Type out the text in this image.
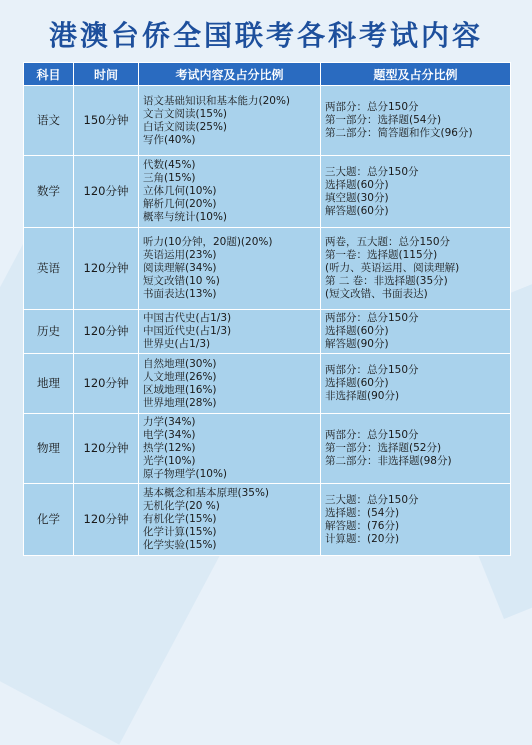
港澳台侨全国联考各科考试内容
科目	时间	考试内容及占分比例	题型及占分比例
语文	150分钟	语文基础知识和基本能力(20%)
文言文阅读(15%)
白话文阅读(25%)
写作(40%)	两部分：总分150分
第一部分：选择题(54分)
第二部分：简答题和作文(96分)

数学	120分钟	代数(45%)
三角(15%)
立体几何(10%)
解析几何(20%)
概率与统计(10%)	三大题：总分150分
选择题(60分)
填空题(30分)
解答题(60分)

英语	120分钟	听力(10分钟，20题)(20%)
英语运用(23%)
阅读理解(34%)
短文改错(10 %)
书面表达(13%)	两卷，五大题：总分150分
第一卷：选择题(115分)
(听力、英语运用、阅读理解)
第 二 卷：非选择题(35分)
(短文改错、书面表达)

历史	120分钟	中国古代史(占1/3)
中国近代史(占1/3)
世界史(占1/3)	两部分：总分150分
选择题(60分)
解答题(90分)

地理	120分钟	自然地理(30%)
人文地理(26%)
区域地理(16%)
世界地理(28%)	两部分：总分150分
选择题(60分)
非选择题(90分)

物理	120分钟	力学(34%)
电学(34%)
热学(12%)
光学(10%)
原子物理学(10%)	两部分：总分150分
第一部分：选择题(52分)
第二部分：非选择题(98分)

化学	120分钟	基本概念和基本原理(35%)
无机化学(20 %)
有机化学(15%)
化学计算(15%)
化学实验(15%)	三大题：总分150分
选择题：(54分)
解答题：(76分)
计算题：(20分)
